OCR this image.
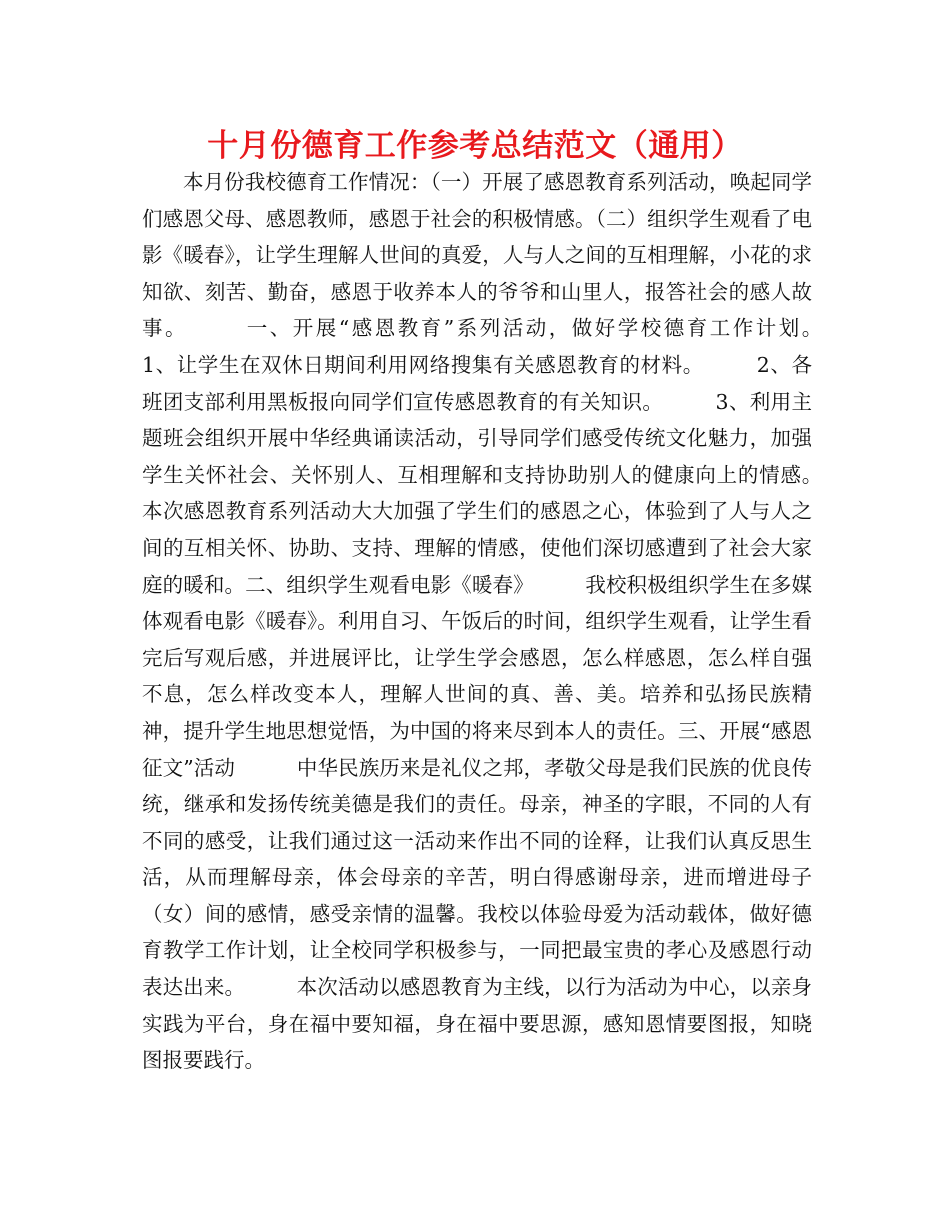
十月份德育工作参考总结范文（通用）

本月份我校德育工作情况：（一）开展了感恩教育系列活动，唤起同学们感恩父母、感恩教师，感恩于社会的积极情感。（二）组织学生观看了电影《暖春》，让学生理解人世间的真爱，人与人之间的互相理解，小花的求知欲、刻苦、勤奋，感恩于收养本人的爷爷和山里人，报答社会的感人故事。　　　一、开展“感恩教育”系列活动，做好学校德育工作计划。　　　1、让学生在双休日期间利用网络搜集有关感恩教育的材料。　　　2、各班团支部利用黑板报向同学们宣传感恩教育的有关知识。　　　3、利用主题班会组织开展中华经典诵读活动，引导同学们感受传统文化魅力，加强学生关怀社会、关怀别人、互相理解和支持协助别人的健康向上的情感。　　　本次感恩教育系列活动大大加强了学生们的感恩之心，体验到了人与人之间的互相关怀、协助、支持、理解的情感，使他们深切感遭到了社会大家庭的暖和。二、组织学生观看电影《暖春》　　　我校积极组织学生在多媒体观看电影《暖春》。利用自习、午饭后的时间，组织学生观看，让学生看完后写观后感，并进展评比，让学生学会感恩，怎么样感恩，怎么样自强不息，怎么样改变本人，理解人世间的真、善、美。培养和弘扬民族精神，提升学生地思想觉悟，为中国的将来尽到本人的责任。三、开展“感恩征文”活动　　　中华民族历来是礼仪之邦，孝敬父母是我们民族的优良传统，继承和发扬传统美德是我们的责任。母亲，神圣的字眼，不同的人有不同的感受，让我们通过这一活动来作出不同的诠释，让我们认真反思生活，从而理解母亲，体会母亲的辛苦，明白得感谢母亲，进而增进母子（女）间的感情，感受亲情的温馨。我校以体验母爱为活动载体，做好德育教学工作计划，让全校同学积极参与，一同把最宝贵的孝心及感恩行动表达出来。　　　本次活动以感恩教育为主线，以行为活动为中心，以亲身实践为平台，身在福中要知福，身在福中要思源，感知恩情要图报，知晓图报要践行。
